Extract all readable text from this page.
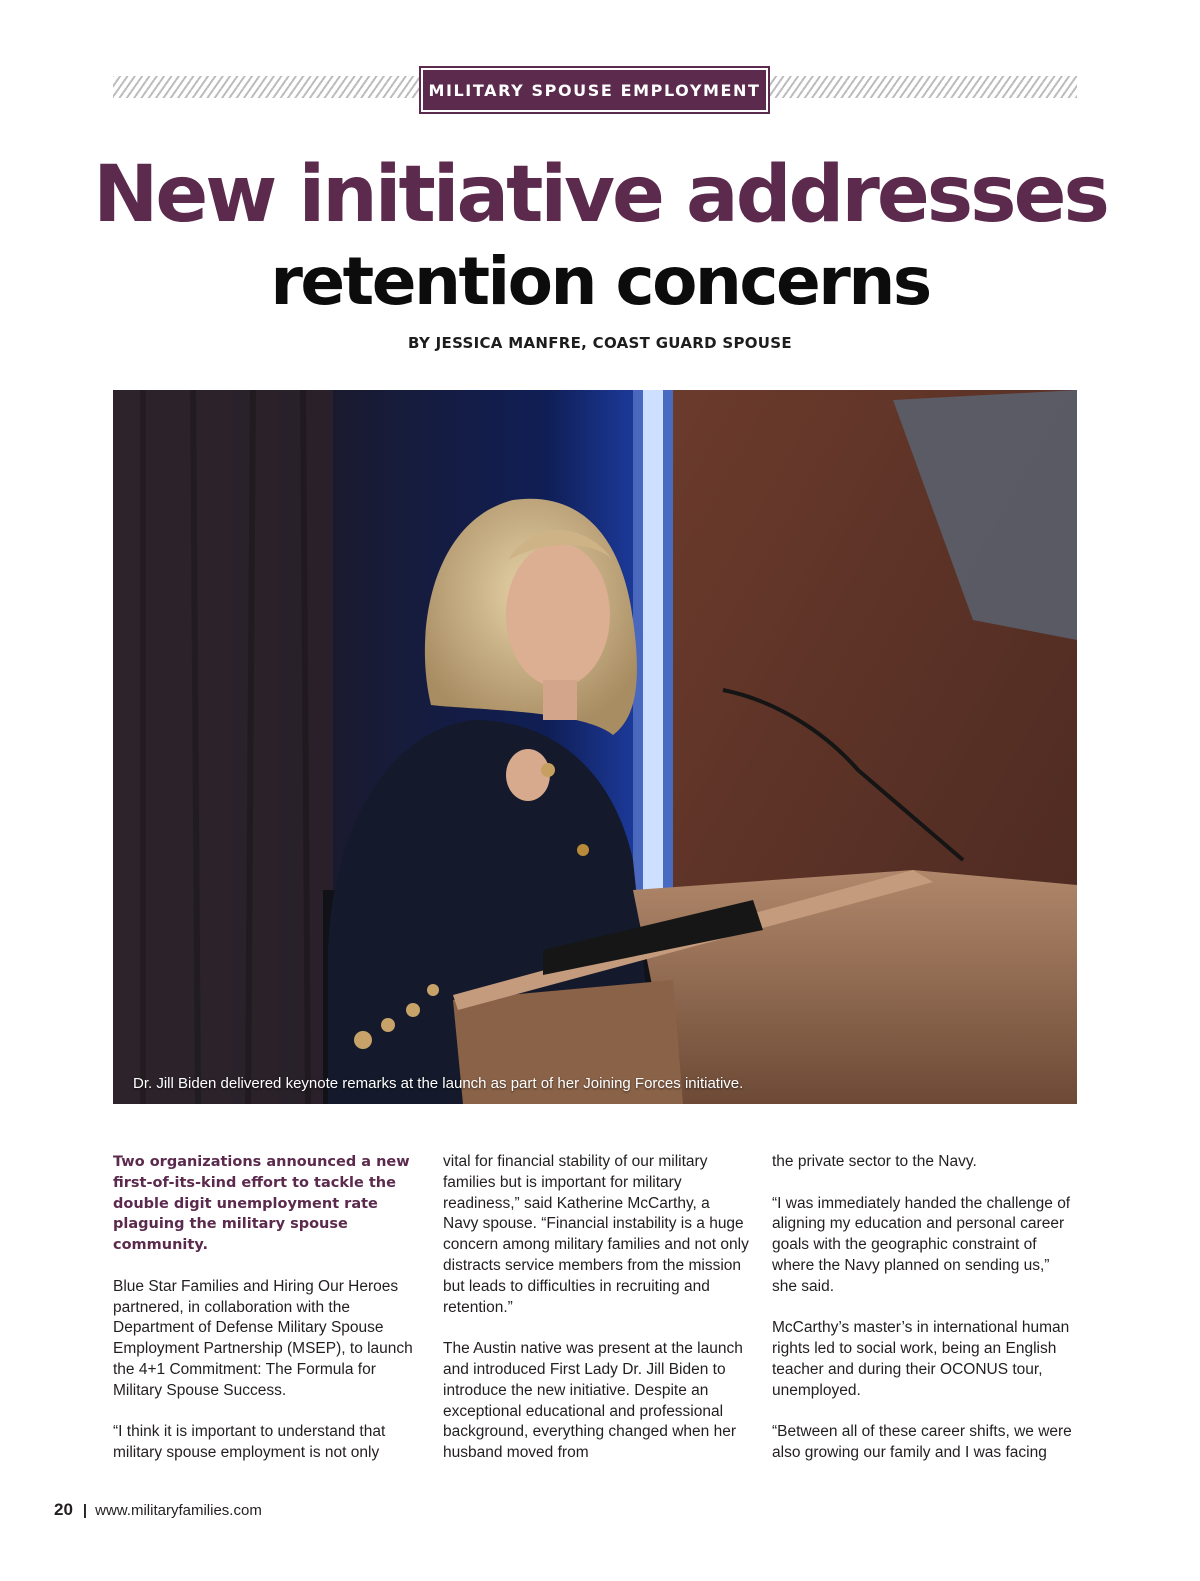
MILITARY SPOUSE EMPLOYMENT
New initiative addresses
retention concerns
BY JESSICA MANFRE, COAST GUARD SPOUSE
Dr. Jill Biden delivered keynote remarks at the launch as part of her Joining Forces initiative.

Two organizations announced a new first-of-its-kind effort to tackle the double digit unemployment rate plaguing the military spouse community.

Blue Star Families and Hiring Our Heroes partnered, in collaboration with the Department of Defense Military Spouse Employment Partnership (MSEP), to launch the 4+1 Commitment: The Formula for Military Spouse Success.

“I think it is important to understand that military spouse employment is not only

vital for financial stability of our military families but is important for military readiness,” said Katherine McCarthy, a Navy spouse. “Financial instability is a huge concern among military families and not only distracts service members from the mission but leads to difficulties in recruiting and retention.”

The Austin native was present at the launch and introduced First Lady Dr. Jill Biden to introduce the new initiative. Despite an exceptional educational and professional background, everything changed when her husband moved from

the private sector to the Navy.

“I was immediately handed the challenge of aligning my education and personal career goals with the geographic constraint of where the Navy planned on sending us,” she said.

McCarthy’s master’s in international human rights led to social work, being an English teacher and during their OCONUS tour, unemployed.

“Between all of these career shifts, we were also growing our family and I was facing

20 | www.militaryfamilies.com
